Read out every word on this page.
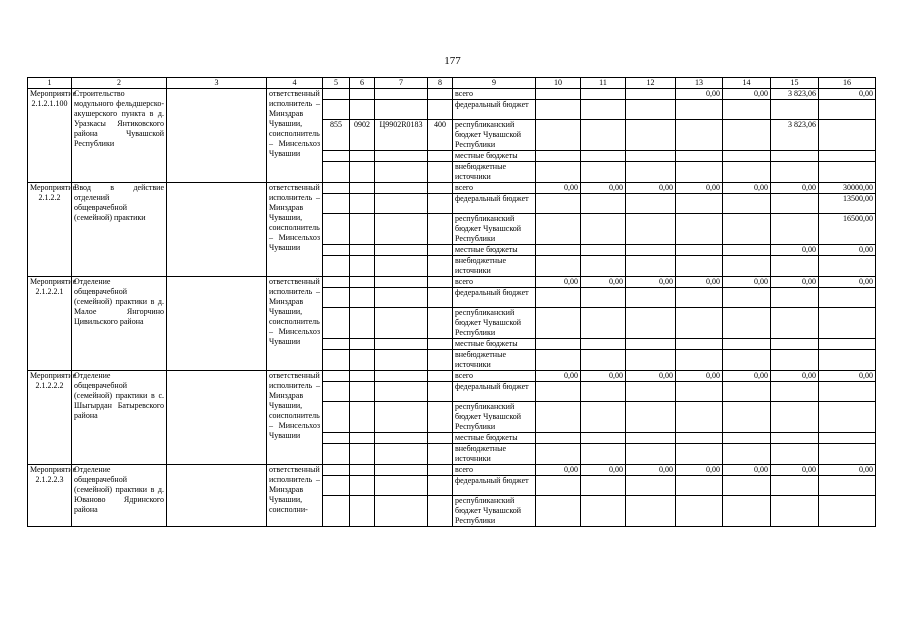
177
1	2	3	4	5	6	7	8	9	10	11	12	13	14	15	16
Мероприятие 2.1.2.1.100	Строительство модульного фельдшерско-акушерского пункта в д. Уразкасы Янтиковского района Чувашской Республики		ответственный исполнитель – Минздрав Чувашии, соисполнитель – Минсельхоз Чувашии					всего				0,00	0,00	3 823,06	0,00
								федеральный бюджет							
				855	0902	Ц9902R0183	400	республиканский бюджет Чувашской Республики						3 823,06	
								местные бюджеты							
								внебюджетные источники							
Мероприятие 2.1.2.2	Ввод в действие отделений общеврачебной (семейной) практики		ответственный исполнитель – Минздрав Чувашии, соисполнитель – Минсельхоз Чувашии					всего	0,00	0,00	0,00	0,00	0,00	0,00	30000,00
								федеральный бюджет							13500,00
								республиканский бюджет Чувашской Республики							16500,00
								местные бюджеты						0,00	0,00
								внебюджетные источники							
Мероприятие 2.1.2.2.1	Отделение общеврачебной (семейной) практики в д. Малое Янгорчино Цивильского района		ответственный исполнитель – Минздрав Чувашии, соисполнитель – Минсельхоз Чувашии					всего	0,00	0,00	0,00	0,00	0,00	0,00	0,00
								федеральный бюджет							
								республиканский бюджет Чувашской Республики							
								местные бюджеты							
								внебюджетные источники							
Мероприятие 2.1.2.2.2	Отделение общеврачебной (семейной) практики в с. Шыгырдан Батыревского района		ответственный исполнитель – Минздрав Чувашии, соисполнитель – Минсельхоз Чувашии					всего	0,00	0,00	0,00	0,00	0,00	0,00	0,00
								федеральный бюджет							
								республиканский бюджет Чувашской Республики							
								местные бюджеты							
								внебюджетные источники							
Мероприятие 2.1.2.2.3	Отделение общеврачебной (семейной) практики в д. Юваново Ядринского района		ответственный исполнитель – Минздрав Чувашии, соисполни-					всего	0,00	0,00	0,00	0,00	0,00	0,00	0,00
								федеральный бюджет							
								республиканский бюджет Чувашской Республики							
